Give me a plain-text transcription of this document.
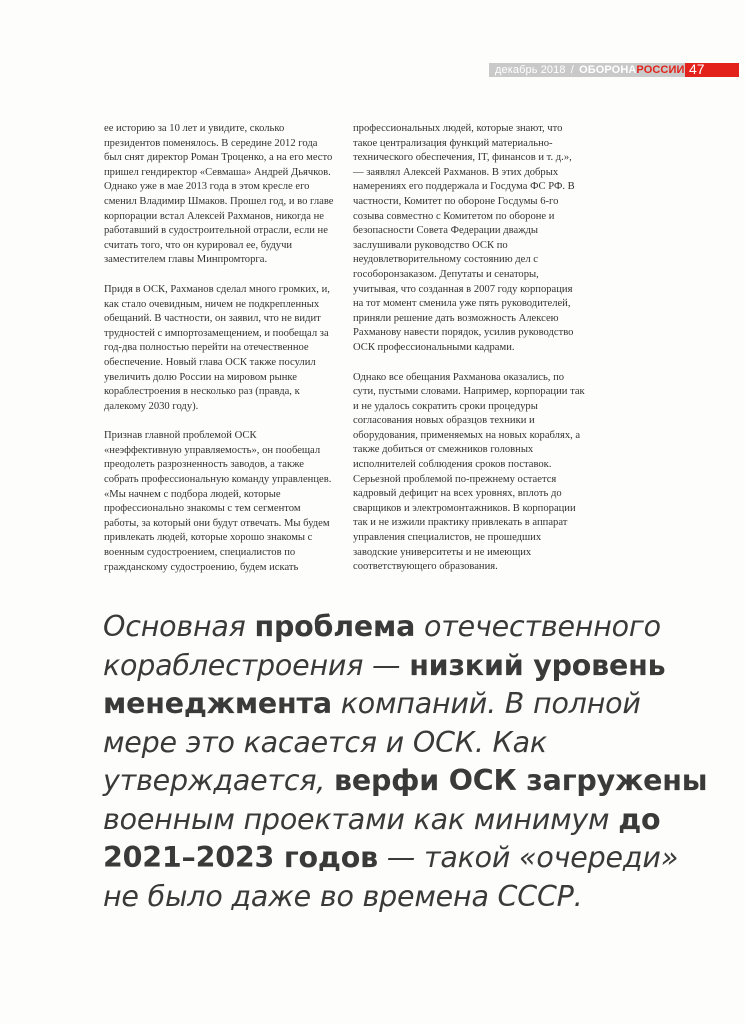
декабрь 2018 / ОБОРОНАРОССИИ 47

ее историю за 10 лет и увидите, сколько президентов поменялось. В середине 2012 года был снят директор Роман Троценко, а на его место пришел гендиректор «Севмаша» Андрей Дьячков. Однако уже в мае 2013 года в этом кресле его сменил Владимир Шмаков. Прошел год, и во главе корпорации встал Алексей Рахманов, никогда не работавший в судостроительной отрасли, если не считать того, что он курировал ее, будучи заместителем главы Минпромторга.

Придя в ОСК, Рахманов сделал много громких, и, как стало очевидным, ничем не подкрепленных обещаний. В частности, он заявил, что не видит трудностей с импортозамещением, и пообещал за год-два полностью перейти на отечественное обеспечение. Новый глава ОСК также посулил увеличить долю России на мировом рынке кораблестроения в несколько раз (правда, к далекому 2030 году).

Признав главной проблемой ОСК «неэффективную управляемость», он пообещал преодолеть разрозненность заводов, а также собрать профессиональную команду управленцев. «Мы начнем с подбора людей, которые профессионально знакомы с тем сегментом работы, за который они будут отвечать. Мы будем привлекать людей, которые хорошо знакомы с военным судостроением, специалистов по гражданскому судостроению, будем искать

профессиональных людей, которые знают, что такое централизация функций материально-технического обеспечения, IT, финансов и т. д.», — заявлял Алексей Рахманов. В этих добрых намерениях его поддержала и Госдума ФС РФ. В частности, Комитет по обороне Госдумы 6-го созыва совместно с Комитетом по обороне и безопасности Совета Федерации дважды заслушивали руководство ОСК по неудовлетворительному состоянию дел с гособоронзаказом. Депутаты и сенаторы, учитывая, что созданная в 2007 году корпорация на тот момент сменила уже пять руководителей, приняли решение дать возможность Алексею Рахманову навести порядок, усилив руководство ОСК профессиональными кадрами.

Однако все обещания Рахманова оказались, по сути, пустыми словами. Например, корпорации так и не удалось сократить сроки процедуры согласования новых образцов техники и оборудования, применяемых на новых кораблях, а также добиться от смежников головных исполнителей соблюдения сроков поставок. Серьезной проблемой по-прежнему остается кадровый дефицит на всех уровнях, вплоть до сварщиков и электромонтажников. В корпорации так и не изжили практику привлекать в аппарат управления специалистов, не прошедших заводские университеты и не имеющих соответствующего образования.

Основная проблема отечественного кораблестроения — низкий уровень менеджмента компаний. В полной мере это касается и ОСК. Как утверждается, верфи ОСК загружены военным проектами как минимум до 2021–2023 годов — такой «очереди» не было даже во времена СССР.
